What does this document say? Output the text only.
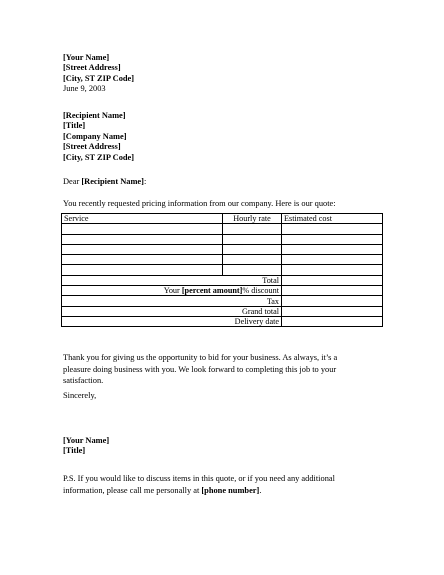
[Your Name]
[Street Address]
[City, ST ZIP Code]
June 9, 2003
[Recipient Name]
[Title]
[Company Name]
[Street Address]
[City, ST ZIP Code]
Dear [Recipient Name]:
You recently requested pricing information from our company. Here is our quote:
Service	Hourly rate	Estimated cost

Total		
Your [percent amount]% discount		
Tax		
Grand total		
Delivery date		
Thank you for giving us the opportunity to bid for your business. As always, it’s a
pleasure doing business with you. We look forward to completing this job to your
satisfaction.
Sincerely,
[Your Name]
[Title]
P.S. If you would like to discuss items in this quote, or if you need any additional
information, please call me personally at [phone number].
